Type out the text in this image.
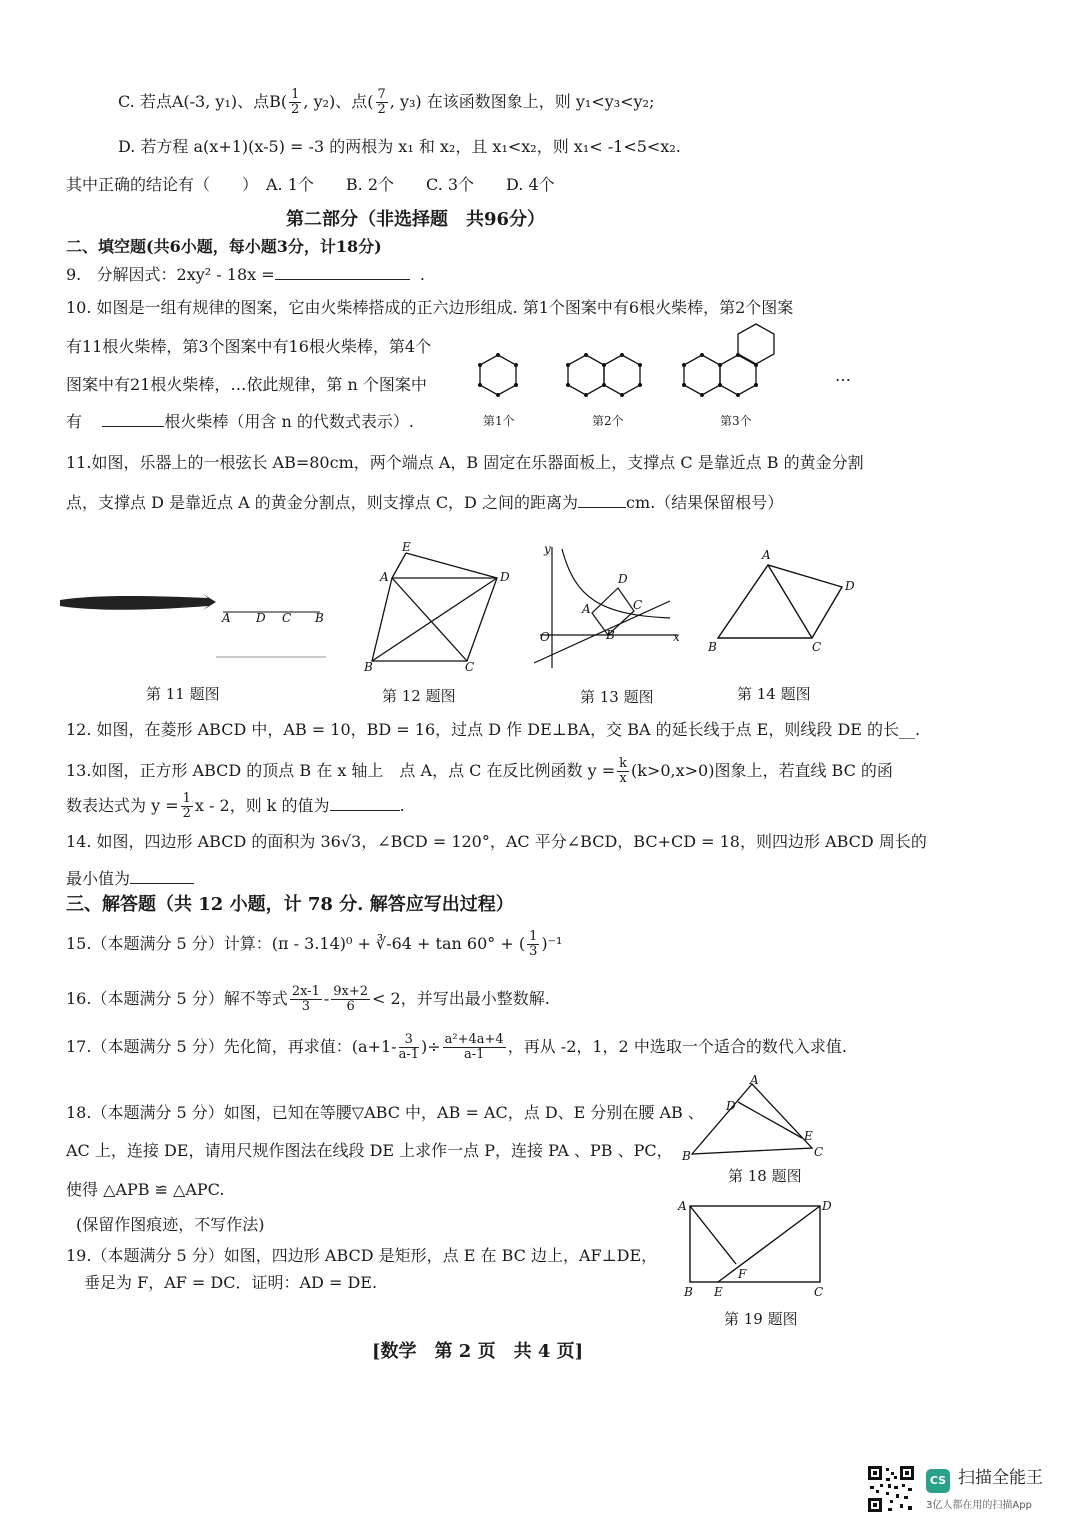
C. 若点A(-3, y₁)、点$B( \frac{1}{2}$ , y₂)、点( $\frac{7}{2}$ , y₃) 在该函数图象上，则 y₁<y₃<y₂;
D. 若方程 a(x+1)(x-5) = -3 的两根为 x₁ 和 x₂，且 x₁<x₂，则 x₁< -1<5<x₂.
其中正确的结论有（　　）　A. 1个　　B. 2个　　C. 3个　　D. 4个
第二部分（非选择题　共96分）
二、填空题(共6小题，每小题3分，计18分)
9. 分解因式：2xy² - 18x =	.
10. 如图是一组有规律的图案，它由火柴棒搭成的正六边形组成. 第1个图案中有6根火柴棒，第2个图案
有11根火柴棒，第3个图案中有16根火柴棒，第4个
图案中有21根火柴棒，…依此规律，第 n 个图案中
有	根火柴棒（用含 n 的代数式表示）.
…
第1个	第2个	第3个
11.如图，乐器上的一根弦长 AB=80cm，两个端点 A，B 固定在乐器面板上，支撑点 C 是靠近点 B 的黄金分割
点，支撑点 D 是靠近点 A 的黄金分割点，则支撑点 C，D 之间的距离为	cm.（结果保留根号）
A D C B
E
A	D
B	C
y
D
A	C
O	B	x
A
D
B	C
第 11 题图	第 12 题图	第 13 题图	第 14 题图
12. 如图，在菱形 ABCD 中，AB = 10，BD = 16，过点 D 作 DE⊥BA，交 BA 的延长线于点 E，则线段 DE 的长__.
13.如图，正方形 ABCD 的顶点 B 在 x 轴上　点 A，点 C 在反比例函数 $y = \frac{k}{x} (k>0,x>0)$图象上，若直线 BC 的函
数表达式为 $y = \frac{1}{2}$ x - 2，则 k 的值为	.
14. 如图，四边形 ABCD 的面积为 36√3，∠BCD = 120°，AC 平分∠BCD，BC+CD = 18，则四边形 ABCD 周长的
最小值为
三、解答题（共 12 小题，计 78 分. 解答应写出过程）
15.（本题满分 5 分）计算：(π - 3.14)⁰ + ∛-64 + tan 60° + ( $\frac{1}{3} )^{-1}$
16.（本题满分 5 分）解不等式 $\frac{2x-1}{3} - \frac{9x+2}{6} < 2$，并写出最小整数解.
17.（本题满分 5 分）先化简，再求值：($a+1- \frac{3}{a-1}$ )÷ $\frac{\text{a²+4a+4}}{a-1}$ ，再从 -2，1，2 中选取一个适合的数代入求值.
18.（本题满分 5 分）如图，已知在等腰▽ABC 中，AB = AC，点 D、E 分别在腰 AB 、
AC 上，连接 DE，请用尺规作图法在线段 DE 上求作一点 P，连接 PA 、PB 、PC，
使得 △APB ≌ △APC.
(保留作图痕迹，不写作法)
A
D
E
B	C
第 18 题图
19.（本题满分 5 分）如图，四边形 ABCD 是矩形，点 E 在 BC 边上，AF⊥DE，
垂足为 F，AF = DC．证明：AD = DE.
A	D
F
B E	C
第 19 题图
[数学　第 2 页　共 4 页]
CS 扫描全能王
3亿人都在用的扫描App
